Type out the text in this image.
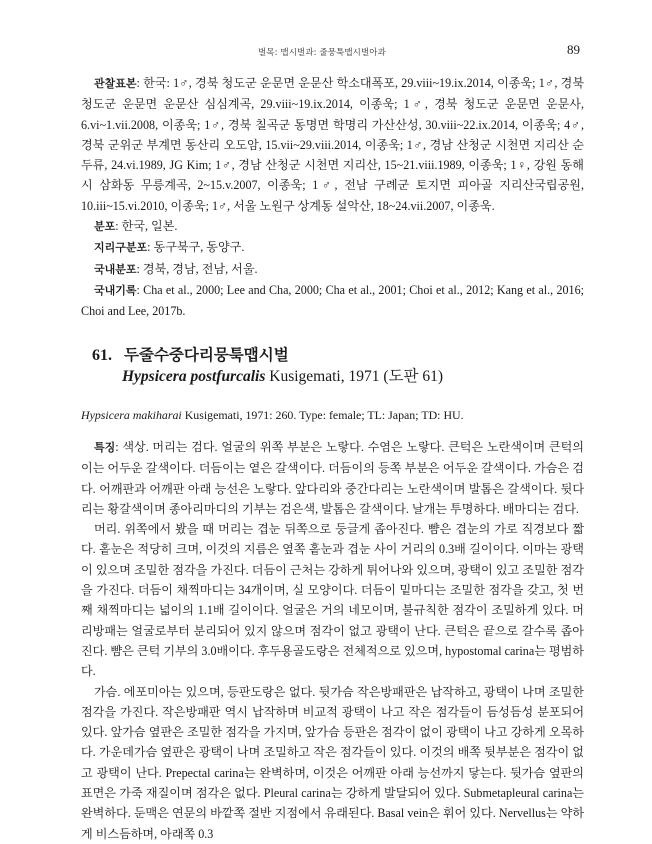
벌목: 맵시벌과: 줄뭉툭맵시벌아과	89

관찰표본: 한국: 1♂, 경북 청도군 운문면 운문산 학소대폭포, 29.viii~19.ix.2014, 이종욱; 1♂, 경북 청도군 운문면 운문산 심심계곡, 29.viii~19.ix.2014, 이종욱; 1♂, 경북 청도군 운문면 운문사, 6.vi~1.vii.2008, 이종욱; 1♂, 경북 칠곡군 동명면 학명리 가산산성, 30.viii~22.ix.2014, 이종욱; 4♂, 경북 군위군 부계면 동산리 오도암, 15.vii~29.viii.2014, 이종욱; 1♂, 경남 산청군 시천면 지리산 순두류, 24.vi.1989, JG Kim; 1♂, 경남 산청군 시천면 지리산, 15~21.viii.1989, 이종욱; 1♀, 강원 동해시 삼화동 무릉계곡, 2~15.v.2007, 이종욱; 1♂, 전남 구례군 토지면 피아골 지리산국립공원, 10.iii~15.vi.2010, 이종욱; 1♂, 서울 노원구 상계동 설악산, 18~24.vii.2007, 이종욱.

분포: 한국, 일본.

지리구분포: 동구북구, 동양구.

국내분포: 경북, 경남, 전남, 서울.

국내기록: Cha et al., 2000; Lee and Cha, 2000; Cha et al., 2001; Choi et al., 2012; Kang et al., 2016; Choi and Lee, 2017b.

61. 두줄수중다리뭉툭맵시벌
Hypsicera postfurcalis Kusigemati, 1971 (도판 61)
Hypsicera makiharai Kusigemati, 1971: 260. Type: female; TL: Japan; TD: HU.

특징: 색상. 머리는 검다. 얼굴의 위쪽 부분은 노랗다. 수염은 노랗다. 큰턱은 노란색이며 큰턱의 이는 어두운 갈색이다. 더듬이는 옅은 갈색이다. 더듬이의 등쪽 부분은 어두운 갈색이다. 가슴은 검다. 어깨판과 어깨판 아래 능선은 노랗다. 앞다리와 중간다리는 노란색이며 발톱은 갈색이다. 뒷다리는 황갈색이며 종아리마디의 기부는 검은색, 발톱은 갈색이다. 날개는 투명하다. 배마디는 검다.

머리. 위쪽에서 봤을 때 머리는 겹눈 뒤쪽으로 둥글게 좁아진다. 뺨은 겹눈의 가로 직경보다 짧다. 홑눈은 적당히 크며, 이것의 지름은 옆쪽 홑눈과 겹눈 사이 거리의 0.3배 길이이다. 이마는 광택이 있으며 조밀한 점각을 가진다. 더듬이 근처는 강하게 튀어나와 있으며, 광택이 있고 조밀한 점각을 가진다. 더듬이 채찍마디는 34개이며, 실 모양이다. 더듬이 밑마디는 조밀한 점각을 갖고, 첫 번째 채찍마디는 넓이의 1.1배 길이이다. 얼굴은 거의 네모이며, 불규칙한 점각이 조밀하게 있다. 머리방패는 얼굴로부터 분리되어 있지 않으며 점각이 없고 광택이 난다. 큰턱은 끝으로 갈수록 좁아진다. 뺨은 큰턱 기부의 3.0배이다. 후두용골도랑은 전체적으로 있으며, hypostomal carina는 평범하다.

가슴. 에포미아는 있으며, 등판도랑은 없다. 뒷가슴 작은방패판은 납작하고, 광택이 나며 조밀한 점각을 가진다. 작은방패판 역시 납작하며 비교적 광택이 나고 작은 점각들이 듬성듬성 분포되어 있다. 앞가슴 옆판은 조밀한 점각을 가지며, 앞가슴 등판은 점각이 없이 광택이 나고 강하게 오목하다. 가운데가슴 옆판은 광택이 나며 조밀하고 작은 점각들이 있다. 이것의 배쪽 뒷부분은 점각이 없고 광택이 난다. Prepectal carina는 완벽하며, 이것은 어깨판 아래 능선까지 닿는다. 뒷가슴 옆판의 표면은 가죽 재질이며 점각은 없다. Pleural carina는 강하게 발달되어 있다. Submetapleural carina는 완벽하다. 둔맥은 연문의 바깥쪽 절반 지점에서 유래된다. Basal vein은 휘어 있다. Nervellus는 약하게 비스듬하며, 아래쪽 0.3
